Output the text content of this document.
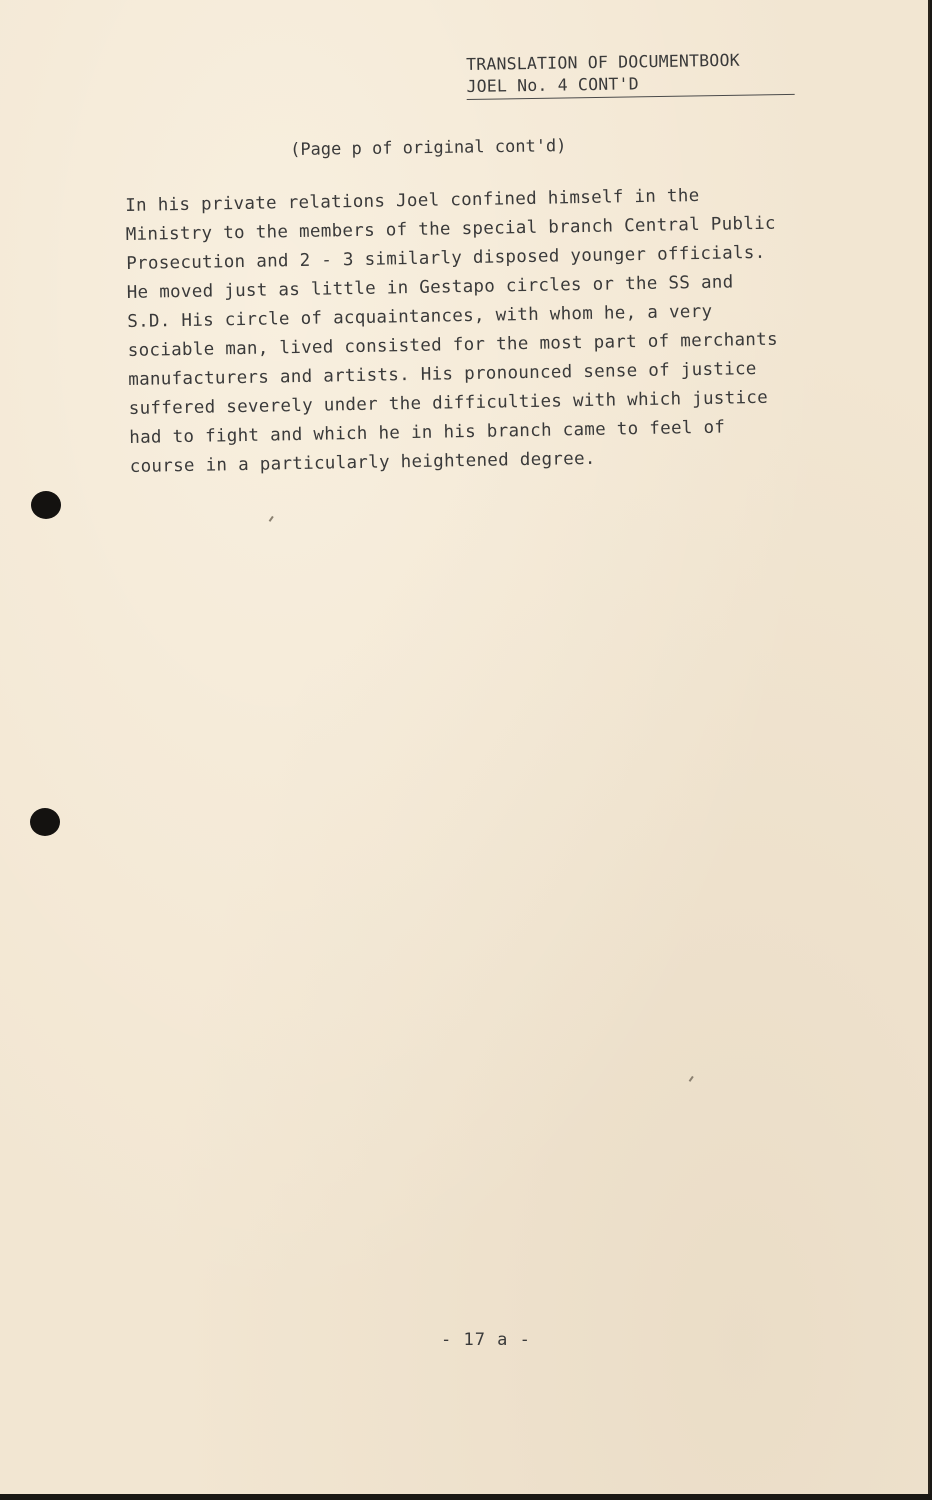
TRANSLATION OF DOCUMENTBOOK
JOEL No. 4 CONT'D
(Page p of original cont'd)
In his private relations Joel confined himself in the
Ministry to the members of the special branch Central Public
Prosecution and 2 - 3 similarly disposed younger officials.
He moved just as little in Gestapo circles or the SS and
S.D. His circle of acquaintances, with whom he, a very
sociable man, lived consisted for the most part of merchants
manufacturers and artists. His pronounced sense of justice
suffered severely under the difficulties with which justice
had to fight and which he in his branch came to feel of
course in a particularly heightened degree.
- 17 a -
